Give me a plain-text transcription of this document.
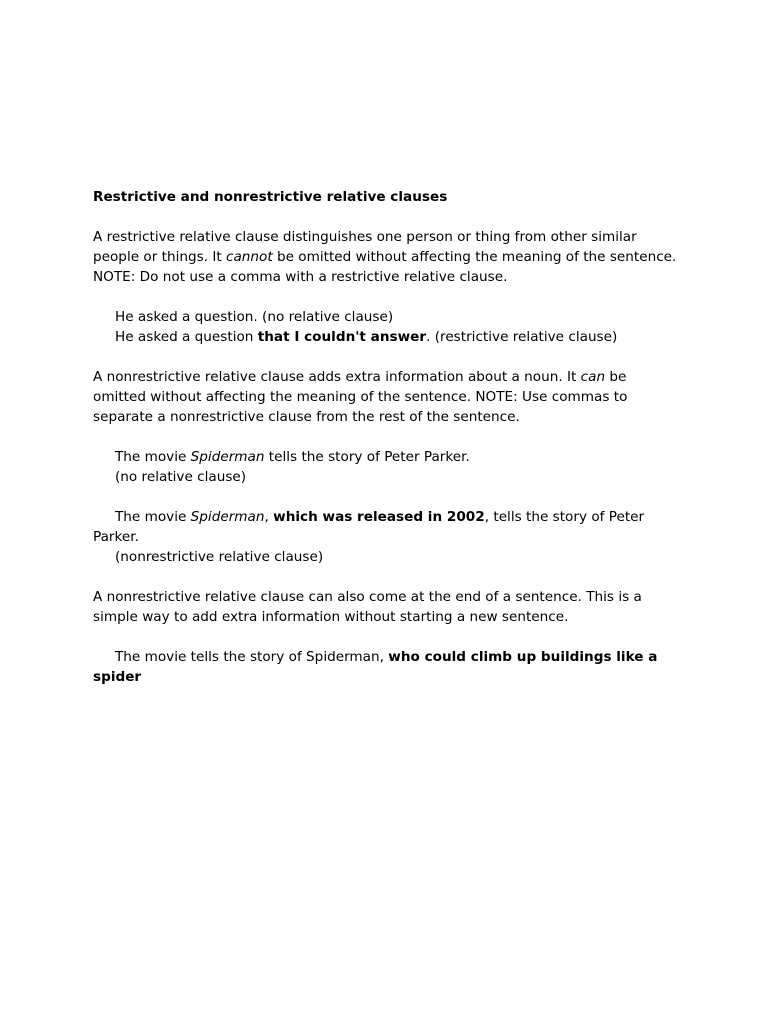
Restrictive and nonrestrictive relative clauses

A restrictive relative clause distinguishes one person or thing from other similar people or things. It cannot be omitted without affecting the meaning of the sentence. NOTE: Do not use a comma with a restrictive relative clause.

He asked a question. (no relative clause)
He asked a question that I couldn't answer. (restrictive relative clause)

A nonrestrictive relative clause adds extra information about a noun. It can be omitted without affecting the meaning of the sentence. NOTE: Use commas to separate a nonrestrictive clause from the rest of the sentence.

The movie Spiderman tells the story of Peter Parker.
(no relative clause)
The movie Spiderman, which was released in 2002, tells the story of Peter Parker.
(nonrestrictive relative clause)

A nonrestrictive relative clause can also come at the end of a sentence. This is a simple way to add extra information without starting a new sentence.

The movie tells the story of Spiderman, who could climb up buildings like a spider
